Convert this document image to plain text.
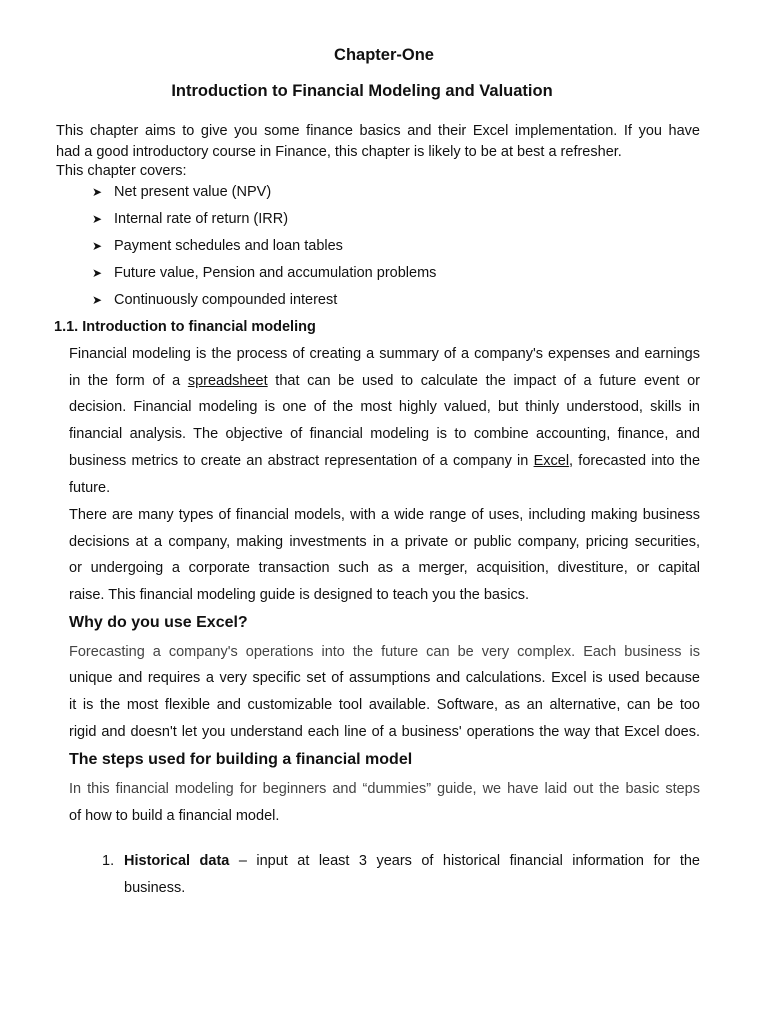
Chapter-One
Introduction to Financial Modeling and Valuation
This chapter aims to give you some finance basics and their Excel implementation. If you have
had a good introductory course in Finance, this chapter is likely to be at best a refresher.
This chapter covers:
➤ Net present value (NPV)
➤ Internal rate of return (IRR)
➤ Payment schedules and loan tables
➤ Future value, Pension and accumulation problems
➤ Continuously compounded interest
1.1. Introduction to financial modeling
Financial modeling is the process of creating a summary of a company's expenses and earnings
in the form of a spreadsheet that can be used to calculate the impact of a future event or
decision. Financial modeling is one of the most highly valued, but thinly understood, skills in
financial analysis. The objective of financial modeling is to combine accounting, finance, and
business metrics to create an abstract representation of a company in Excel, forecasted into the
future.
There are many types of financial models, with a wide range of uses, including making business
decisions at a company, making investments in a private or public company, pricing securities,
or undergoing a corporate transaction such as a merger, acquisition, divestiture, or capital
raise. This financial modeling guide is designed to teach you the basics.
Why do you use Excel?
Forecasting a company's operations into the future can be very complex. Each business is
unique and requires a very specific set of assumptions and calculations. Excel is used because
it is the most flexible and customizable tool available. Software, as an alternative, can be too
rigid and doesn't let you understand each line of a business' operations the way that Excel does.
The steps used for building a financial model
In this financial modeling for beginners and “dummies” guide, we have laid out the basic steps
of how to build a financial model.
1. Historical data – input at least 3 years of historical financial information for the
business.
